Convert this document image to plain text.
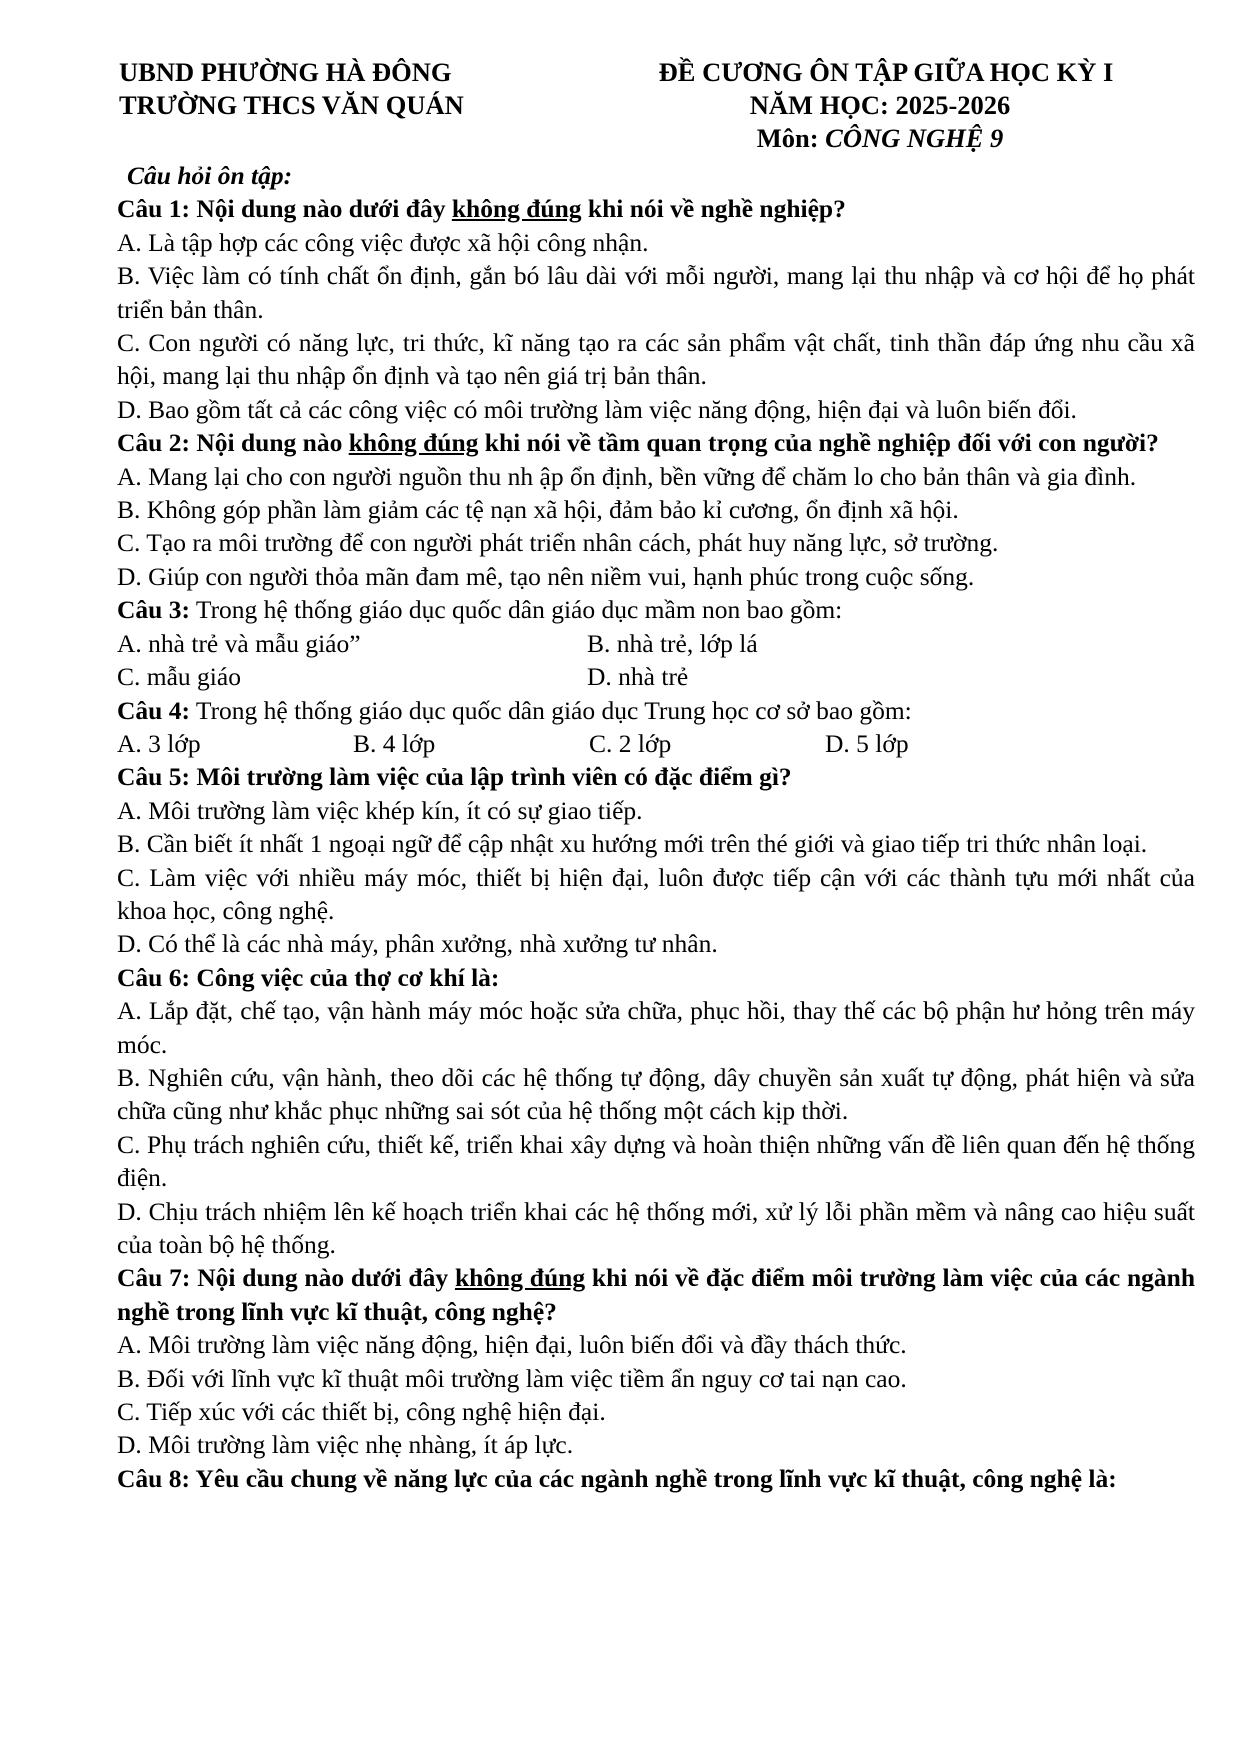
UBND PHƯỜNG HÀ ĐÔNG
TRƯỜNG THCS VĂN QUÁN
ĐỀ CƯƠNG ÔN TẬP GIỮA HỌC KỲ I
NĂM HỌC: 2025-2026
Môn: CÔNG NGHỆ 9

Câu hỏi ôn tập:

Câu 1: Nội dung nào dưới đây không đúng khi nói về nghề nghiệp?

A. Là tập hợp các công việc được xã hội công nhận.

B. Việc làm có tính chất ổn định, gắn bó lâu dài với mỗi người, mang lại thu nhập và cơ hội để họ phát triển bản thân.

C. Con người có năng lực, tri thức, kĩ năng tạo ra các sản phẩm vật chất, tinh thần đáp ứng nhu cầu xã hội, mang lại thu nhập ổn định và tạo nên giá trị bản thân.

D. Bao gồm tất cả các công việc có môi trường làm việc năng động, hiện đại và luôn biến đổi.

Câu 2: Nội dung nào không đúng khi nói về tầm quan trọng của nghề nghiệp đối với con người?

A. Mang lại cho con người nguồn thu nh ập ổn định, bền vững để chăm lo cho bản thân và gia đình.

B. Không góp phần làm giảm các tệ nạn xã hội, đảm bảo kỉ cương, ổn định xã hội.

C. Tạo ra môi trường để con người phát triển nhân cách, phát huy năng lực, sở trường.

D. Giúp con người thỏa mãn đam mê, tạo nên niềm vui, hạnh phúc trong cuộc sống.

Câu 3: Trong hệ thống giáo dục quốc dân giáo dục mầm non bao gồm:

A. nhà trẻ và mẫu giáo”	B. nhà trẻ, lớp lá
C. mẫu giáo	D. nhà trẻ

Câu 4: Trong hệ thống giáo dục quốc dân giáo dục Trung học cơ sở bao gồm:

A. 3 lớp	B. 4 lớp	C. 2 lớp	D. 5 lớp

Câu 5: Môi trường làm việc của lập trình viên có đặc điểm gì?

A. Môi trường làm việc khép kín, ít có sự giao tiếp.

B. Cần biết ít nhất 1 ngoại ngữ để cập nhật xu hướng mới trên thé giới và giao tiếp tri thức nhân loại.

C. Làm việc với nhiều máy móc, thiết bị hiện đại, luôn được tiếp cận với các thành tựu mới nhất của khoa học, công nghệ.

D. Có thể là các nhà máy, phân xưởng, nhà xưởng tư nhân.

Câu 6: Công việc của thợ cơ khí là:

A. Lắp đặt, chế tạo, vận hành máy móc hoặc sửa chữa, phục hồi, thay thế các bộ phận hư hỏng trên máy móc.

B. Nghiên cứu, vận hành, theo dõi các hệ thống tự động, dây chuyền sản xuất tự động, phát hiện và sửa chữa cũng như khắc phục những sai sót của hệ thống một cách kịp thời.

C. Phụ trách nghiên cứu, thiết kế, triển khai xây dựng và hoàn thiện những vấn đề liên quan đến hệ thống điện.

D. Chịu trách nhiệm lên kế hoạch triển khai các hệ thống mới, xử lý lỗi phần mềm và nâng cao hiệu suất của toàn bộ hệ thống.

Câu 7: Nội dung nào dưới đây không đúng khi nói về đặc điểm môi trường làm việc của các ngành nghề trong lĩnh vực kĩ thuật, công nghệ?

A. Môi trường làm việc năng động, hiện đại, luôn biến đổi và đầy thách thức.

B. Đối với lĩnh vực kĩ thuật môi trường làm việc tiềm ẩn nguy cơ tai nạn cao.

C. Tiếp xúc với các thiết bị, công nghệ hiện đại.

D. Môi trường làm việc nhẹ nhàng, ít áp lực.

Câu 8: Yêu cầu chung về năng lực của các ngành nghề trong lĩnh vực kĩ thuật, công nghệ là:
